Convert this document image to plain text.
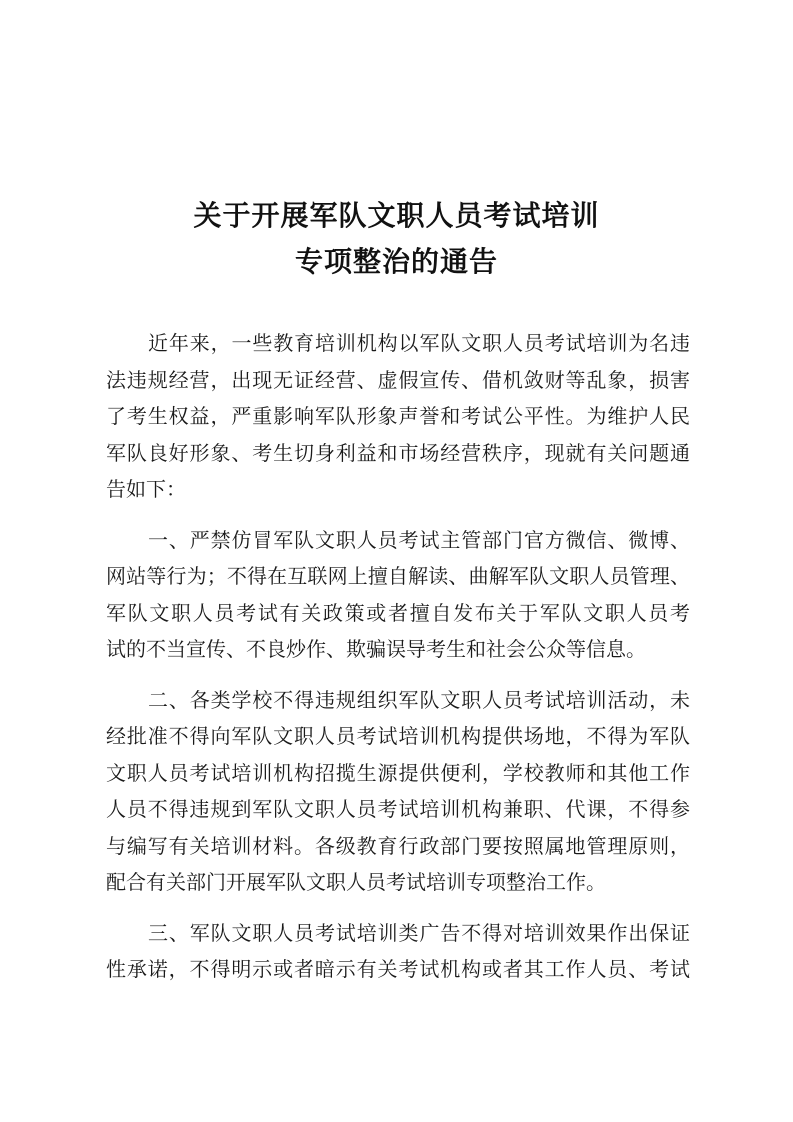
关于开展军队文职人员考试培训
专项整治的通告

近年来，一些教育培训机构以军队文职人员考试培训为名违
法违规经营，出现无证经营、虚假宣传、借机敛财等乱象，损害
了考生权益，严重影响军队形象声誉和考试公平性。为维护人民
军队良好形象、考生切身利益和市场经营秩序，现就有关问题通
告如下：

一、严禁仿冒军队文职人员考试主管部门官方微信、微博、
网站等行为；不得在互联网上擅自解读、曲解军队文职人员管理、
军队文职人员考试有关政策或者擅自发布关于军队文职人员考
试的不当宣传、不良炒作、欺骗误导考生和社会公众等信息。

二、各类学校不得违规组织军队文职人员考试培训活动，未
经批准不得向军队文职人员考试培训机构提供场地，不得为军队
文职人员考试培训机构招揽生源提供便利，学校教师和其他工作
人员不得违规到军队文职人员考试培训机构兼职、代课，不得参
与编写有关培训材料。各级教育行政部门要按照属地管理原则，
配合有关部门开展军队文职人员考试培训专项整治工作。

三、军队文职人员考试培训类广告不得对培训效果作出保证
性承诺，不得明示或者暗示有关考试机构或者其工作人员、考试
